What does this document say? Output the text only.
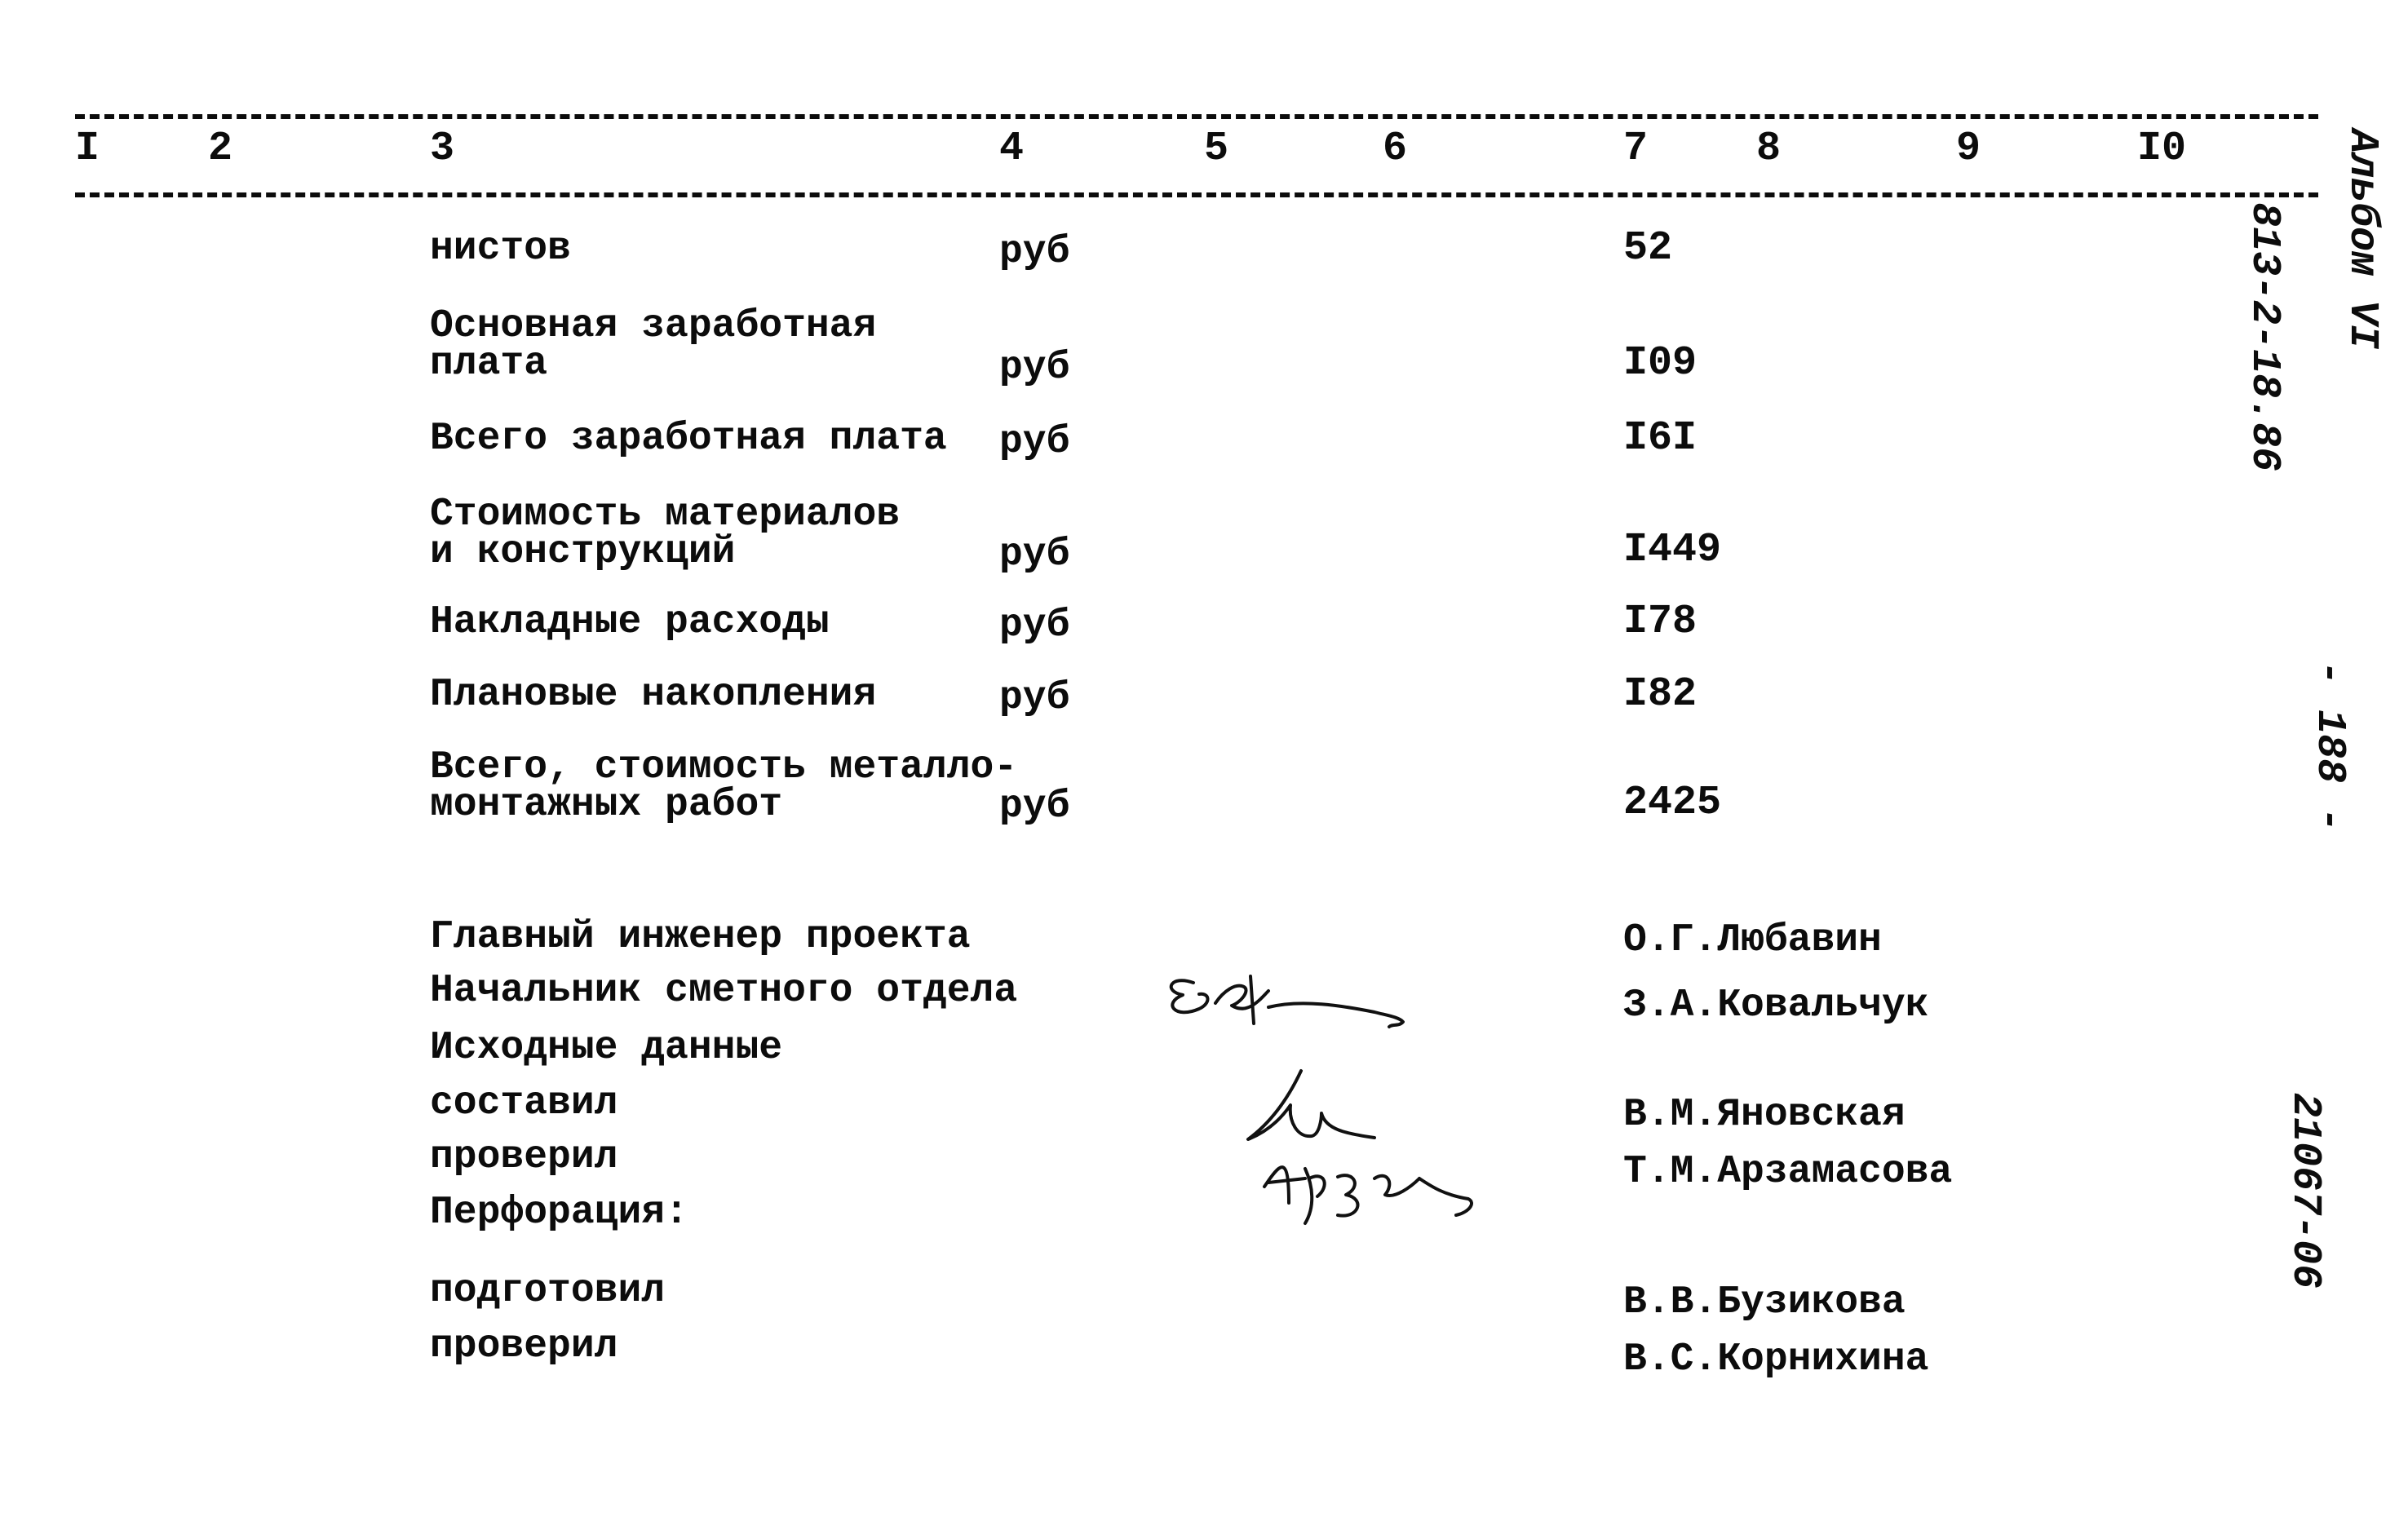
I	2	3	4	5	6	7	8	9	I0
нистов	руб	52
Основная заработная
плата	руб	I09
Всего заработная плата руб	I6I
Стоимость материалов
и конструкций	руб	I449
Накладные расходы	руб	I78
Плановые накопления	руб	I82
Всего, стоимость металло-
монтажных работ	руб	2425
Главный инженер проекта	О.Г.Любавин
Начальник сметного отдела	З.А.Ковальчук
Исходные данные
составил	В.М.Яновская
проверил	Т.М.Арзамасова
Перфорация:
подготовил	В.В.Бузикова
проверил	В.С.Корнихина
Альбом VI
813-2-18.86
- 188 -
21067-06
